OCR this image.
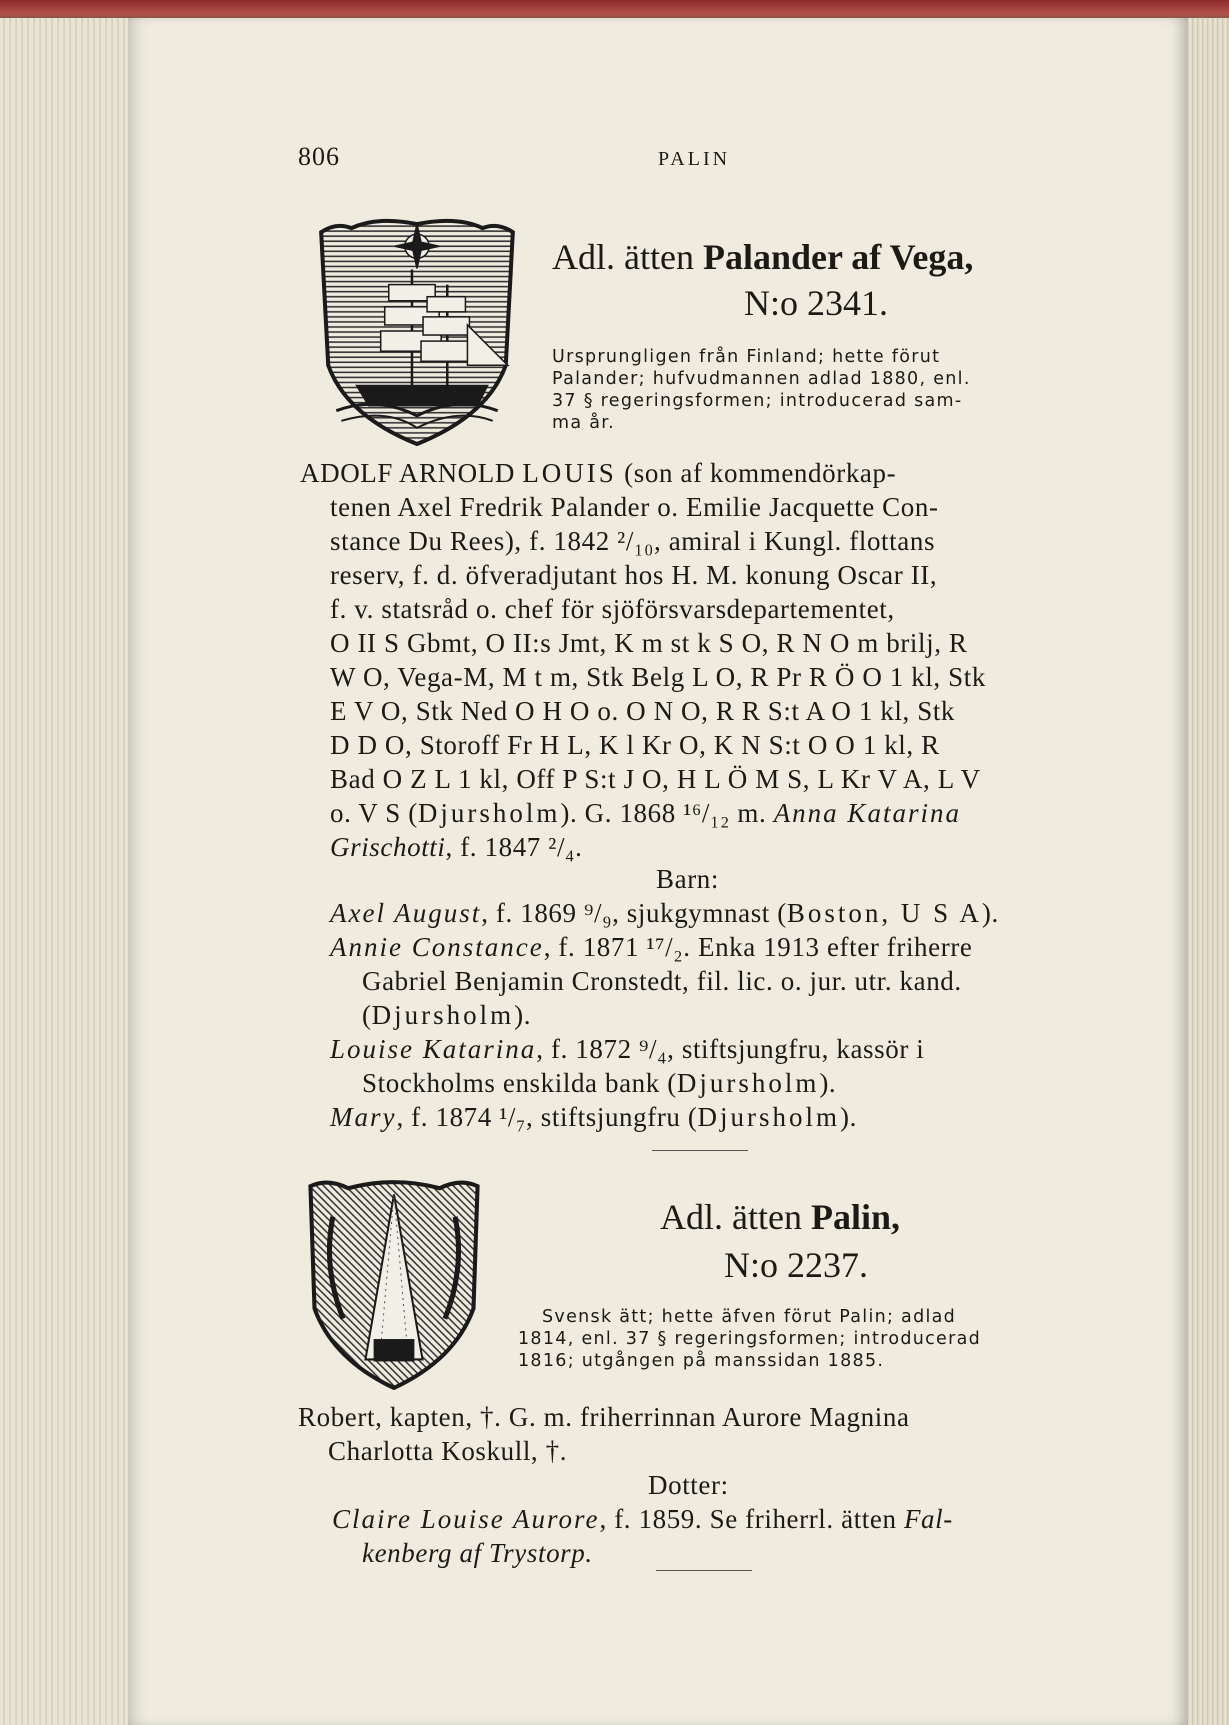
806	PALIN
Adl. ätten Palander af Vega,
N:o 2341.
Ursprungligen från Finland; hette förut
Palander; hufvudmannen adlad 1880, enl.
37 § regeringsformen; introducerad sam-
ma år.
ADOLF ARNOLD LOUIS (son af kommendörkap-
tenen Axel Fredrik Palander o. Emilie Jacquette Con-
stance Du Rees), f. 1842 ²/₁₀, amiral i Kungl. flottans
reserv, f. d. öfveradjutant hos H. M. konung Oscar II,
f. v. statsråd o. chef för sjöförsvarsdepartementet,
O II S Gbmt, O II:s Jmt, K m st k S O, R N O m brilj, R
W O, Vega-M, M t m, Stk Belg L O, R Pr R Ö O 1 kl, Stk
E V O, Stk Ned O H O o. O N O, R R S:t A O 1 kl, Stk
D D O, Storoff Fr H L, K l Kr O, K N S:t O O 1 kl, R
Bad O Z L 1 kl, Off P S:t J O, H L Ö M S, L Kr V A, L V
o. V S (Djursholm). G. 1868 ¹⁶/₁₂ m. Anna Katarina
Grischotti, f. 1847 ²/₄.
Barn:
Axel August, f. 1869 ⁹/₉, sjukgymnast (Boston, U S A).
Annie Constance, f. 1871 ¹⁷/₂. Enka 1913 efter friherre
Gabriel Benjamin Cronstedt, fil. lic. o. jur. utr. kand.
(Djursholm).
Louise Katarina, f. 1872 ⁹/₄, stiftsjungfru, kassör i
Stockholms enskilda bank (Djursholm).
Mary, f. 1874 ¹/₇, stiftsjungfru (Djursholm).
Adl. ätten Palin,
N:o 2237.
Svensk ätt; hette äfven förut Palin; adlad
1814, enl. 37 § regeringsformen; introducerad
1816; utgången på manssidan 1885.
Robert, kapten, †. G. m. friherrinnan Aurore Magnina
Charlotta Koskull, †.
Dotter:
Claire Louise Aurore, f. 1859. Se friherrl. ätten Fal-
kenberg af Trystorp.
